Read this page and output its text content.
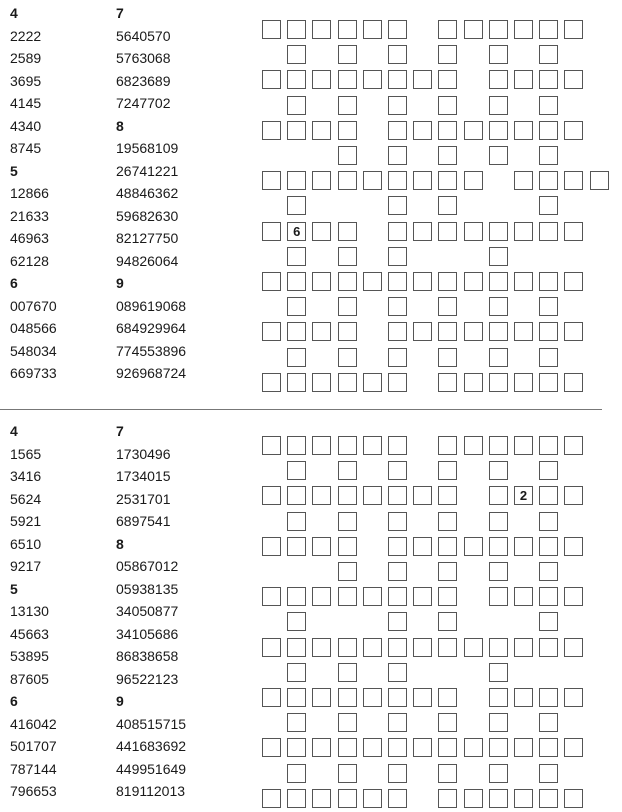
4
2222
2589
3695
4145
4340
8745
5
12866
21633
46963
62128
6
007670
048566
548034
669733
7
5640570
5763068
6823689
7247702
8
19568109
26741221
48846362
59682630
82127750
94826064
9
089619068
684929964
774553896
926968724
6
4
1565
3416
5624
5921
6510
9217
5
13130
45663
53895
87605
6
416042
501707
787144
796653
7
1730496
1734015
2531701
6897541
8
05867012
05938135
34050877
34105686
86838658
96522123
9
408515715
441683692
449951649
819112013
2
